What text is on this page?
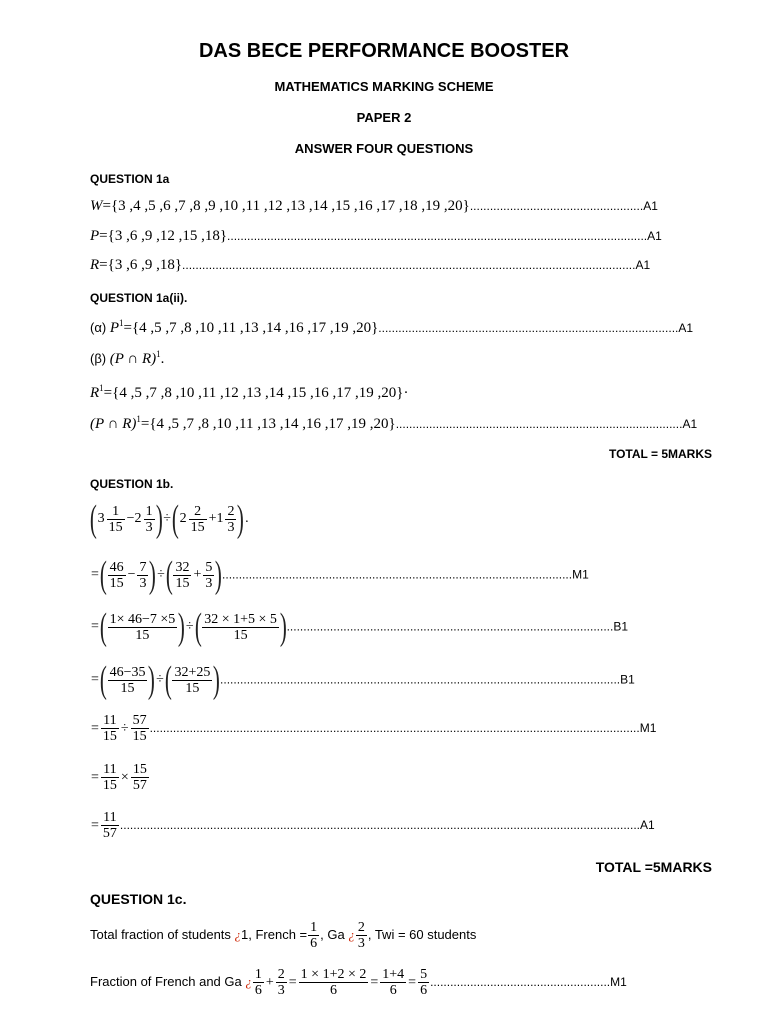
DAS BECE PERFORMANCE BOOSTER
MATHEMATICS MARKING SCHEME
PAPER 2
ANSWER FOUR QUESTIONS
QUESTION 1a
W={3 ,4 ,5 ,6 ,7 ,8 ,9 ,10 ,11 ,12 ,13 ,14 ,15 ,16 ,17 ,18 ,19 ,20}....................................................A1
P={3 ,6 ,9 ,12 ,15 ,18}..............................................................................................................................A1
R={3 ,6 ,9 ,18}........................................................................................................................................A1
QUESTION 1a(ii).
(α) $P^1=\{4$ ,5 ,7 ,8 ,10 ,11 ,13 ,14 ,16 ,17 ,19 ,20}..........................................................................................A1
(β) (P ∩ R)$^1$.
$R^1=\{4$ ,5 ,7 ,8 ,10 ,11 ,12 ,13 ,14 ,15 ,16 ,17 ,19 ,20}·
(P ∩ R)$^1$={4 ,5 ,7 ,8 ,10 ,11 ,13 ,14 ,16 ,17 ,19 ,20}......................................................................................A1
TOTAL = 5MARKS
QUESTION 1b.
$(3 \frac{1}{15} -2 \frac{1}{3} )\div(2 \frac{2}{15} +1 \frac{2}{3}$ ).
=( $\frac{46}{15} - \frac{7}{3}$ )÷( $\frac{32}{15} + \frac{5}{3} ).........................................................................................................M1$
=( $\frac{1\times 46-7 \times 5}{15}$ )÷( $\frac{32 \times 1+5 \times 5}{15} )..................................................................................................B1$
=( $\frac{46-35}{15}$ )÷( $\frac{32+25}{15}$ )........................................................................................................................B1
= $\frac{11}{15} \div \frac{57}{15}$ ...................................................................................................................................................M1
= $\frac{11}{15} \times \frac{15}{57}$
= $\frac{11}{57}$ ............................................................................................................................................................A1
TOTAL =5MARKS
QUESTION 1c.
Total fraction of students ¿1, French = $\frac{1}{6}$ , Ga ¿ $\frac{2}{3}$ , Twi = 60 students
Fraction of French and Ga ¿ $\frac{1}{6} + \frac{2}{3} = \frac{1 \times 1+2 \times 2}{6} = \frac{1+4}{6} = \frac{5}{6} ......................................................M1$
